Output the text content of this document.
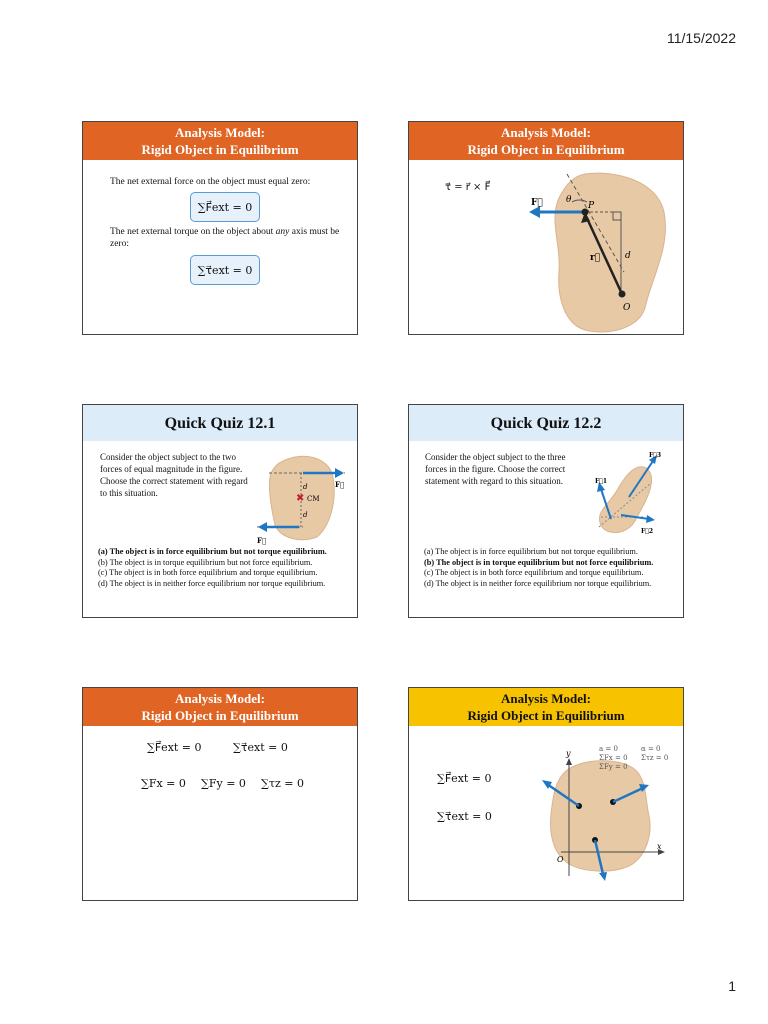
11/15/2022
Analysis Model:
Rigid Object in Equilibrium
The net external force on the object must equal zero:
∑F⃗ext = 0
The net external torque on the object about any axis must be zero:
∑τ⃗ext = 0
Analysis Model:
Rigid Object in Equilibrium
τ⃗ = r⃗ × F⃗
F⃗	θ
P
r⃗	d
O
Quick Quiz 12.1
Consider the object subject to the two forces of equal magnitude in the figure. Choose the correct statement with regard to this situation.	✖ CM
d
d
F⃗
F⃗
(a) The object is in force equilibrium but not torque equilibrium.
(b) The object is in torque equilibrium but not force equilibrium.
(c) The object is in both force equilibrium and torque equilibrium.
(d) The object is in neither force equilibrium nor torque equilibrium.
Quick Quiz 12.2
Consider the object subject to the three forces in the figure. Choose the correct statement with regard to this situation.	F⃗1
F⃗2
F⃗3
(a) The object is in force equilibrium but not torque equilibrium.
(b) The object is in torque equilibrium but not force equilibrium.
(c) The object is in both force equilibrium and torque equilibrium.
(d) The object is in neither force equilibrium nor torque equilibrium.
Analysis Model:
Rigid Object in Equilibrium
∑F⃗ext = 0	∑τ⃗ext = 0
∑Fx = 0 ∑Fy = 0 ∑τz = 0
Analysis Model:
Rigid Object in Equilibrium
∑F⃗ext = 0
∑τ⃗ext = 0
y
x
O
a = 0	α = 0
ΣFx = 0	Στz = 0
ΣFy = 0
1
